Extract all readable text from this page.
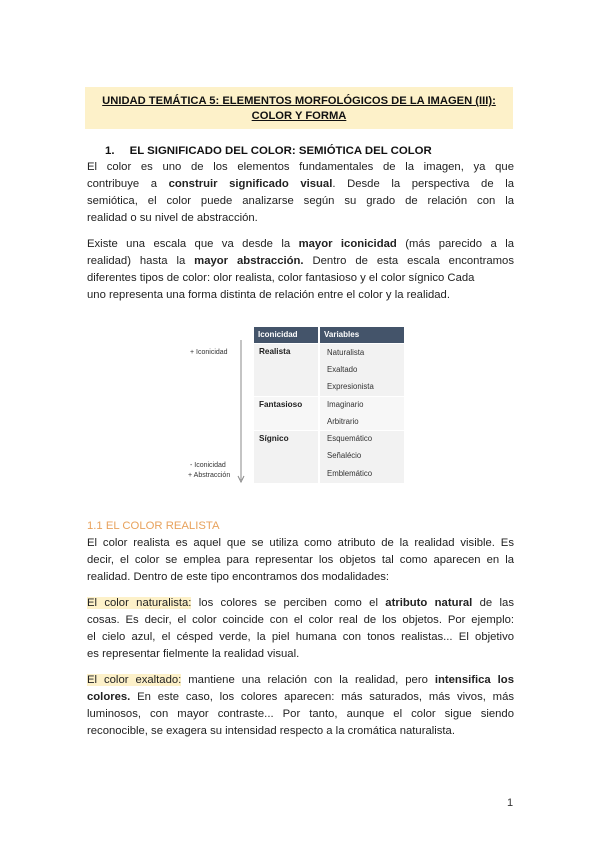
UNIDAD TEMÁTICA 5: ELEMENTOS MORFOLÓGICOS DE LA IMAGEN (III):
COLOR Y FORMA
1. EL SIGNIFICADO DEL COLOR: SEMIÓTICA DEL COLOR
El color es uno de los elementos fundamentales de la imagen, ya que
contribuye a construir significado visual. Desde la perspectiva de la
semiótica, el color puede analizarse según su grado de relación con la
realidad o su nivel de abstracción.
Existe una escala que va desde la mayor iconicidad (más parecido a la
realidad) hasta la mayor abstracción. Dentro de esta escala encontramos
diferentes tipos de color: olor realista, color fantasioso y el color sígnico Cada
uno representa una forma distinta de relación entre el color y la realidad.
+ Iconicidad
- Iconicidad
+ Abstracción
Iconicidad	Variables
Realista	Naturalista
Exaltado
Expresionista
Fantasioso	Imaginario
Arbitrario
Sígnico	Esquemático
Señalécio
Emblemático
1.1 EL COLOR REALISTA
El color realista es aquel que se utiliza como atributo de la realidad visible. Es
decir, el color se emplea para representar los objetos tal como aparecen en la
realidad. Dentro de este tipo encontramos dos modalidades:
El color naturalista: los colores se perciben como el atributo natural de las
cosas. Es decir, el color coincide con el color real de los objetos. Por ejemplo:
el cielo azul, el césped verde, la piel humana con tonos realistas... El objetivo
es representar fielmente la realidad visual.
El color exaltado: mantiene una relación con la realidad, pero intensifica los
colores. En este caso, los colores aparecen: más saturados, más vivos, más
luminosos, con mayor contraste... Por tanto, aunque el color sigue siendo
reconocible, se exagera su intensidad respecto a la cromática naturalista.
1
